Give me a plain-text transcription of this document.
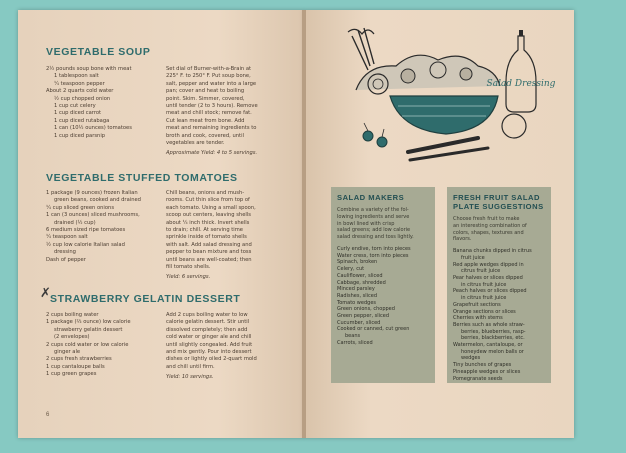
VEGETABLE SOUP
2½ pounds soup bone with meat
1 tablespoon salt
¼ teaspoon pepper
About 2 quarts cold water
½ cup chopped onion
1 cup cut celery
1 cup diced carrot
1 cup diced rutabaga
1 can (10½ ounces) tomatoes
1 cup diced parsnip
Set dial of Burner-with-a-Brain at
225° F. to 250° F. Put soup bone,
salt, pepper and water into a large
pan; cover and heat to boiling
point. Skim. Simmer, covered,
until tender (2 to 3 hours). Remove
meat and chill stock; remove fat.
Cut lean meat from bone. Add
meat and remaining ingredients to
broth and cook, covered, until
vegetables are tender.
Approximate Yield: 4 to 5 servings.
VEGETABLE STUFFED TOMATOES
1 package (9 ounces) frozen Italian
green beans, cooked and drained
¼ cup sliced green onions
1 can (3 ounces) sliced mushrooms,
drained (½ cup)
6 medium sized ripe tomatoes
¼ teaspoon salt
½ cup low calorie Italian salad
dressing
Dash of pepper
Chill beans, onions and mush-
rooms. Cut thin slice from top of
each tomato. Using a small spoon,
scoop out centers, leaving shells
about ¼ inch thick. Invert shells
to drain; chill. At serving time
sprinkle inside of tomato shells
with salt. Add salad dressing and
pepper to bean mixture and toss
until beans are well-coated; then
fill tomato shells.
Yield: 6 servings.
✗ STRAWBERRY GELATIN DESSERT
2 cups boiling water
1 package (⅔ ounce) low calorie
strawberry gelatin dessert
(2 envelopes)
2 cups cold water or low calorie
ginger ale
2 cups fresh strawberries
1 cup cantaloupe balls
1 cup green grapes
Add 2 cups boiling water to low
calorie gelatin dessert. Stir until
dissolved completely; then add
cold water or ginger ale and chill
until slightly congealed. Add fruit
and mix gently. Pour into dessert
dishes or lightly oiled 2-quart mold
and chill until firm.
Yield: 10 servings.
6
Salad Dressing
SALAD MAKERS
Combine a variety of the fol-
lowing ingredients and serve
in bowl lined with crisp
salad greens; add low calorie
salad dressing and toss lightly.
Curly endive, torn into pieces
Water cress, torn into pieces
Spinach, broken
Celery, cut
Cauliflower, sliced
Cabbage, shredded
Minced parsley
Radishes, sliced
Tomato wedges
Green onions, chopped
Green pepper, sliced
Cucumber, sliced
Cooked or canned, cut green
beans
Carrots, sliced
FRESH FRUIT SALAD PLATE SUGGESTIONS
Choose fresh fruit to make
an interesting combination of
colors, shapes, textures and
flavors.
Banana chunks dipped in citrus
fruit juice
Red apple wedges dipped in
citrus fruit juice
Pear halves or slices dipped
in citrus fruit juice
Peach halves or slices dipped
in citrus fruit juice
Grapefruit sections
Orange sections or slices
Cherries with stems
Berries such as whole straw-
berries, blueberries, rasp-
berries, blackberries, etc.
Watermelon, cantaloupe, or
honeydew melon balls or
wedges
Tiny bunches of grapes
Pineapple wedges or slices
Pomegranate seeds
